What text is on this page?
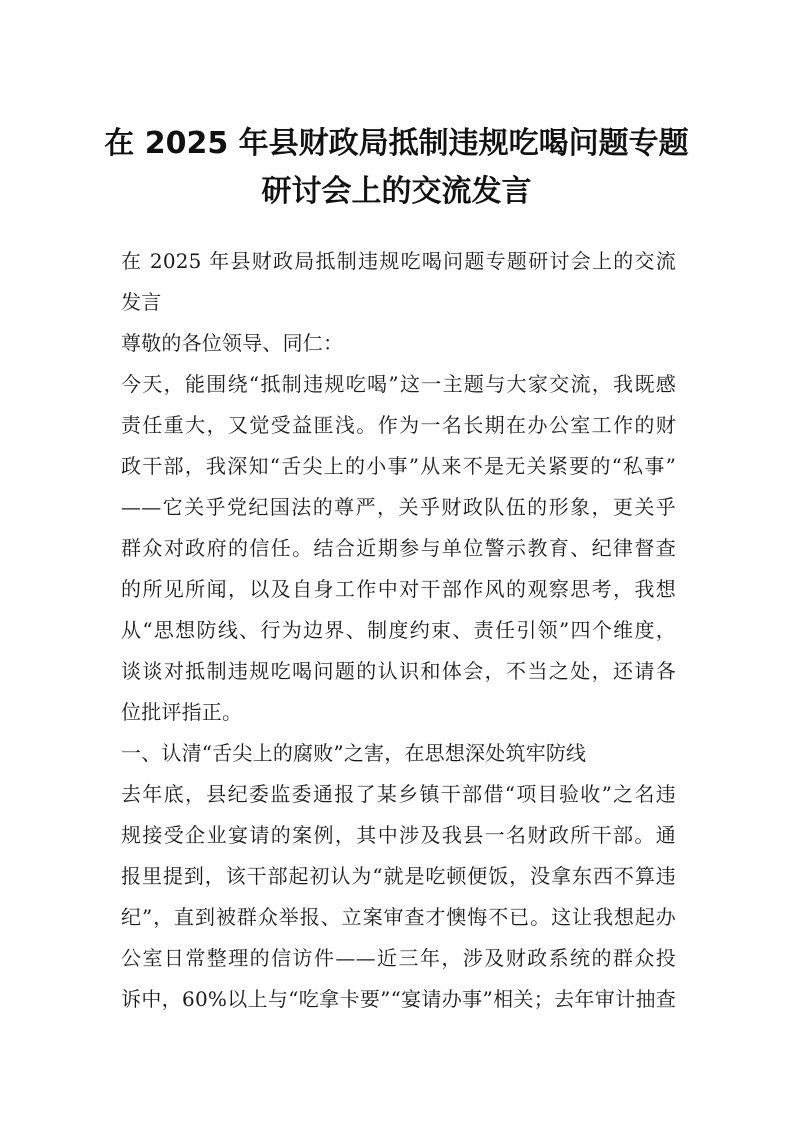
在 2025 年县财政局抵制违规吃喝问题专题
研讨会上的交流发言
在 2025 年县财政局抵制违规吃喝问题专题研讨会上的交流
发言
尊敬的各位领导、同仁：
今天，能围绕“抵制违规吃喝”这一主题与大家交流，我既感
责任重大，又觉受益匪浅。作为一名长期在办公室工作的财
政干部，我深知“舌尖上的小事”从来不是无关紧要的“私事”
——它关乎党纪国法的尊严，关乎财政队伍的形象，更关乎
群众对政府的信任。结合近期参与单位警示教育、纪律督查
的所见所闻，以及自身工作中对干部作风的观察思考，我想
从“思想防线、行为边界、制度约束、责任引领”四个维度，
谈谈对抵制违规吃喝问题的认识和体会，不当之处，还请各
位批评指正。
一、认清“舌尖上的腐败”之害，在思想深处筑牢防线
去年底，县纪委监委通报了某乡镇干部借“项目验收”之名违
规接受企业宴请的案例，其中涉及我县一名财政所干部。通
报里提到，该干部起初认为“就是吃顿便饭，没拿东西不算违
纪”，直到被群众举报、立案审查才懊悔不已。这让我想起办
公室日常整理的信访件——近三年，涉及财政系统的群众投
诉中，60%以上与“吃拿卡要”“宴请办事”相关；去年审计抽查
